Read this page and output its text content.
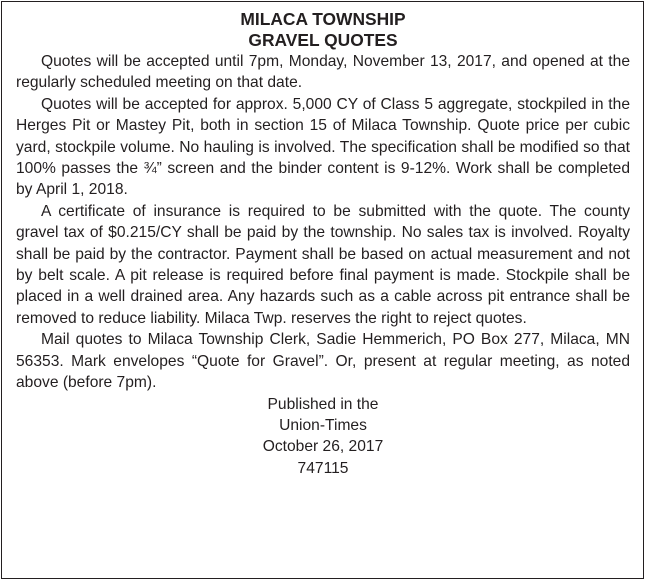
MILACA TOWNSHIP
GRAVEL QUOTES

Quotes will be accepted until 7pm, Monday, November 13, 2017, and opened at the regularly scheduled meeting on that date.

Quotes will be accepted for approx. 5,000 CY of Class 5 aggregate, stockpiled in the Herges Pit or Mastey Pit, both in section 15 of Milaca Township. Quote price per cubic yard, stockpile volume. No hauling is involved. The specification shall be modified so that 100% passes the ¾” screen and the binder content is 9-12%. Work shall be completed by April 1, 2018.

A certificate of insurance is required to be submitted with the quote. The county gravel tax of $0.215/CY shall be paid by the township. No sales tax is involved. Royalty shall be paid by the contractor. Payment shall be based on actual measurement and not by belt scale. A pit release is required before final payment is made. Stockpile shall be placed in a well drained area. Any hazards such as a cable across pit entrance shall be removed to reduce liability. Milaca Twp. reserves the right to reject quotes.

Mail quotes to Milaca Township Clerk, Sadie Hemmerich, PO Box 277, Milaca, MN 56353. Mark envelopes “Quote for Gravel”. Or, present at regular meeting, as noted above (before 7pm).

Published in the
Union-Times
October 26, 2017
747115
